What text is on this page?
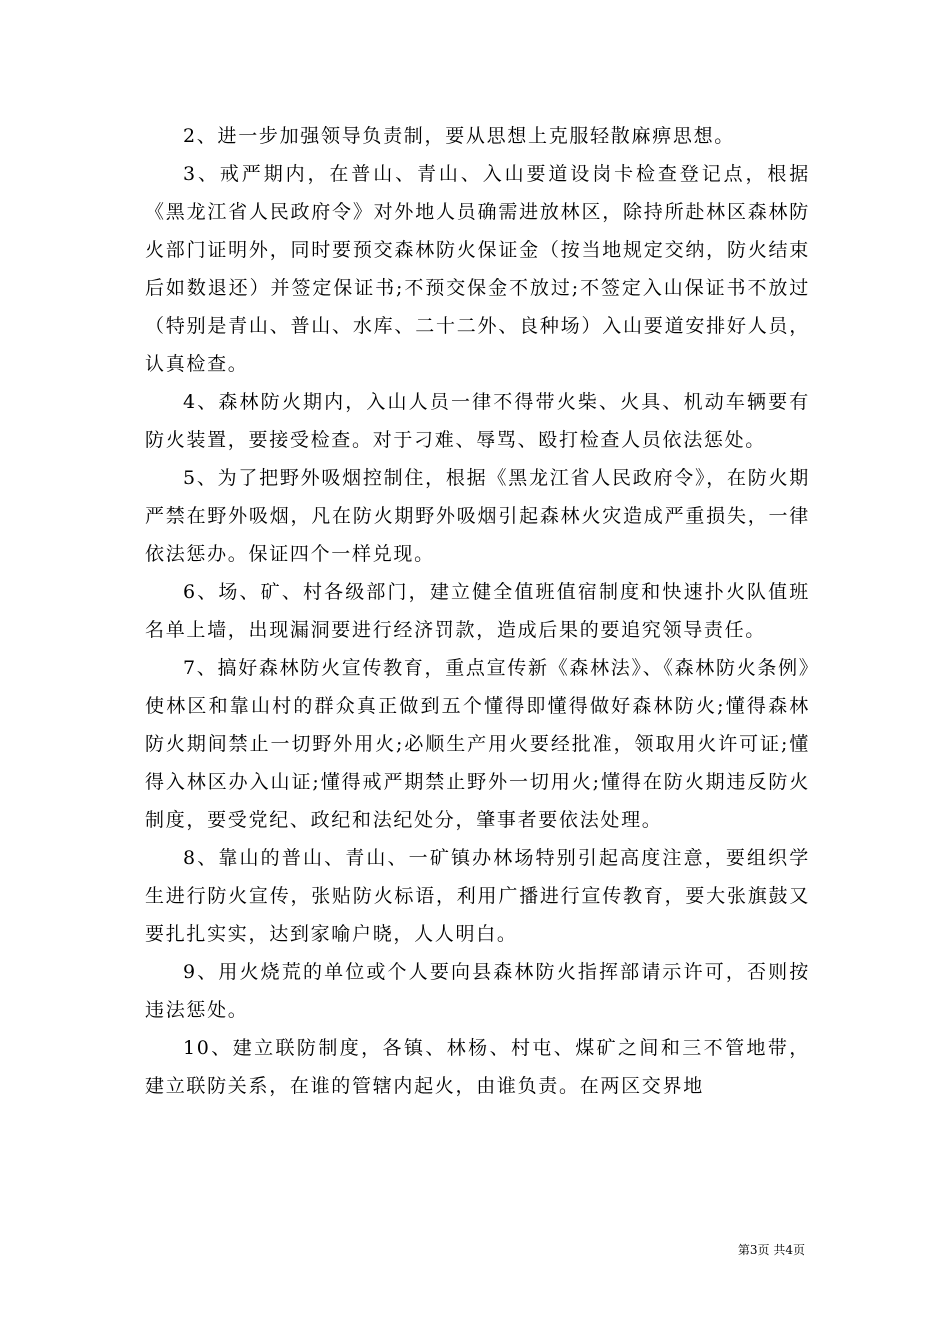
2、进一步加强领导负责制，要从思想上克服轻散麻痹思想。

3、戒严期内，在普山、青山、入山要道设岗卡检查登记点，根据《黑龙江省人民政府令》对外地人员确需进放林区，除持所赴林区森林防火部门证明外，同时要预交森林防火保证金（按当地规定交纳，防火结束后如数退还）并签定保证书;不预交保金不放过;不签定入山保证书不放过（特别是青山、普山、水库、二十二外、良种场）入山要道安排好人员，认真检查。

4、森林防火期内，入山人员一律不得带火柴、火具、机动车辆要有防火装置，要接受检查。对于刁难、辱骂、殴打检查人员依法惩处。

5、为了把野外吸烟控制住，根据《黑龙江省人民政府令》，在防火期严禁在野外吸烟，凡在防火期野外吸烟引起森林火灾造成严重损失，一律依法惩办。保证四个一样兑现。

6、场、矿、村各级部门，建立健全值班值宿制度和快速扑火队值班名单上墙，出现漏洞要进行经济罚款，造成后果的要追究领导责任。

7、搞好森林防火宣传教育，重点宣传新《森林法》、《森林防火条例》使林区和靠山村的群众真正做到五个懂得即懂得做好森林防火;懂得森林防火期间禁止一切野外用火;必顺生产用火要经批准，领取用火许可证;懂得入林区办入山证;懂得戒严期禁止野外一切用火;懂得在防火期违反防火制度，要受党纪、政纪和法纪处分，肇事者要依法处理。

8、靠山的普山、青山、一矿镇办林场特别引起高度注意，要组织学生进行防火宣传，张贴防火标语，利用广播进行宣传教育，要大张旗鼓又要扎扎实实，达到家喻户晓，人人明白。

9、用火烧荒的单位或个人要向县森林防火指挥部请示许可，否则按违法惩处。

10、建立联防制度，各镇、林杨、村屯、煤矿之间和三不管地带，建立联防关系，在谁的管辖内起火，由谁负责。在两区交界地

第3页 共4页
